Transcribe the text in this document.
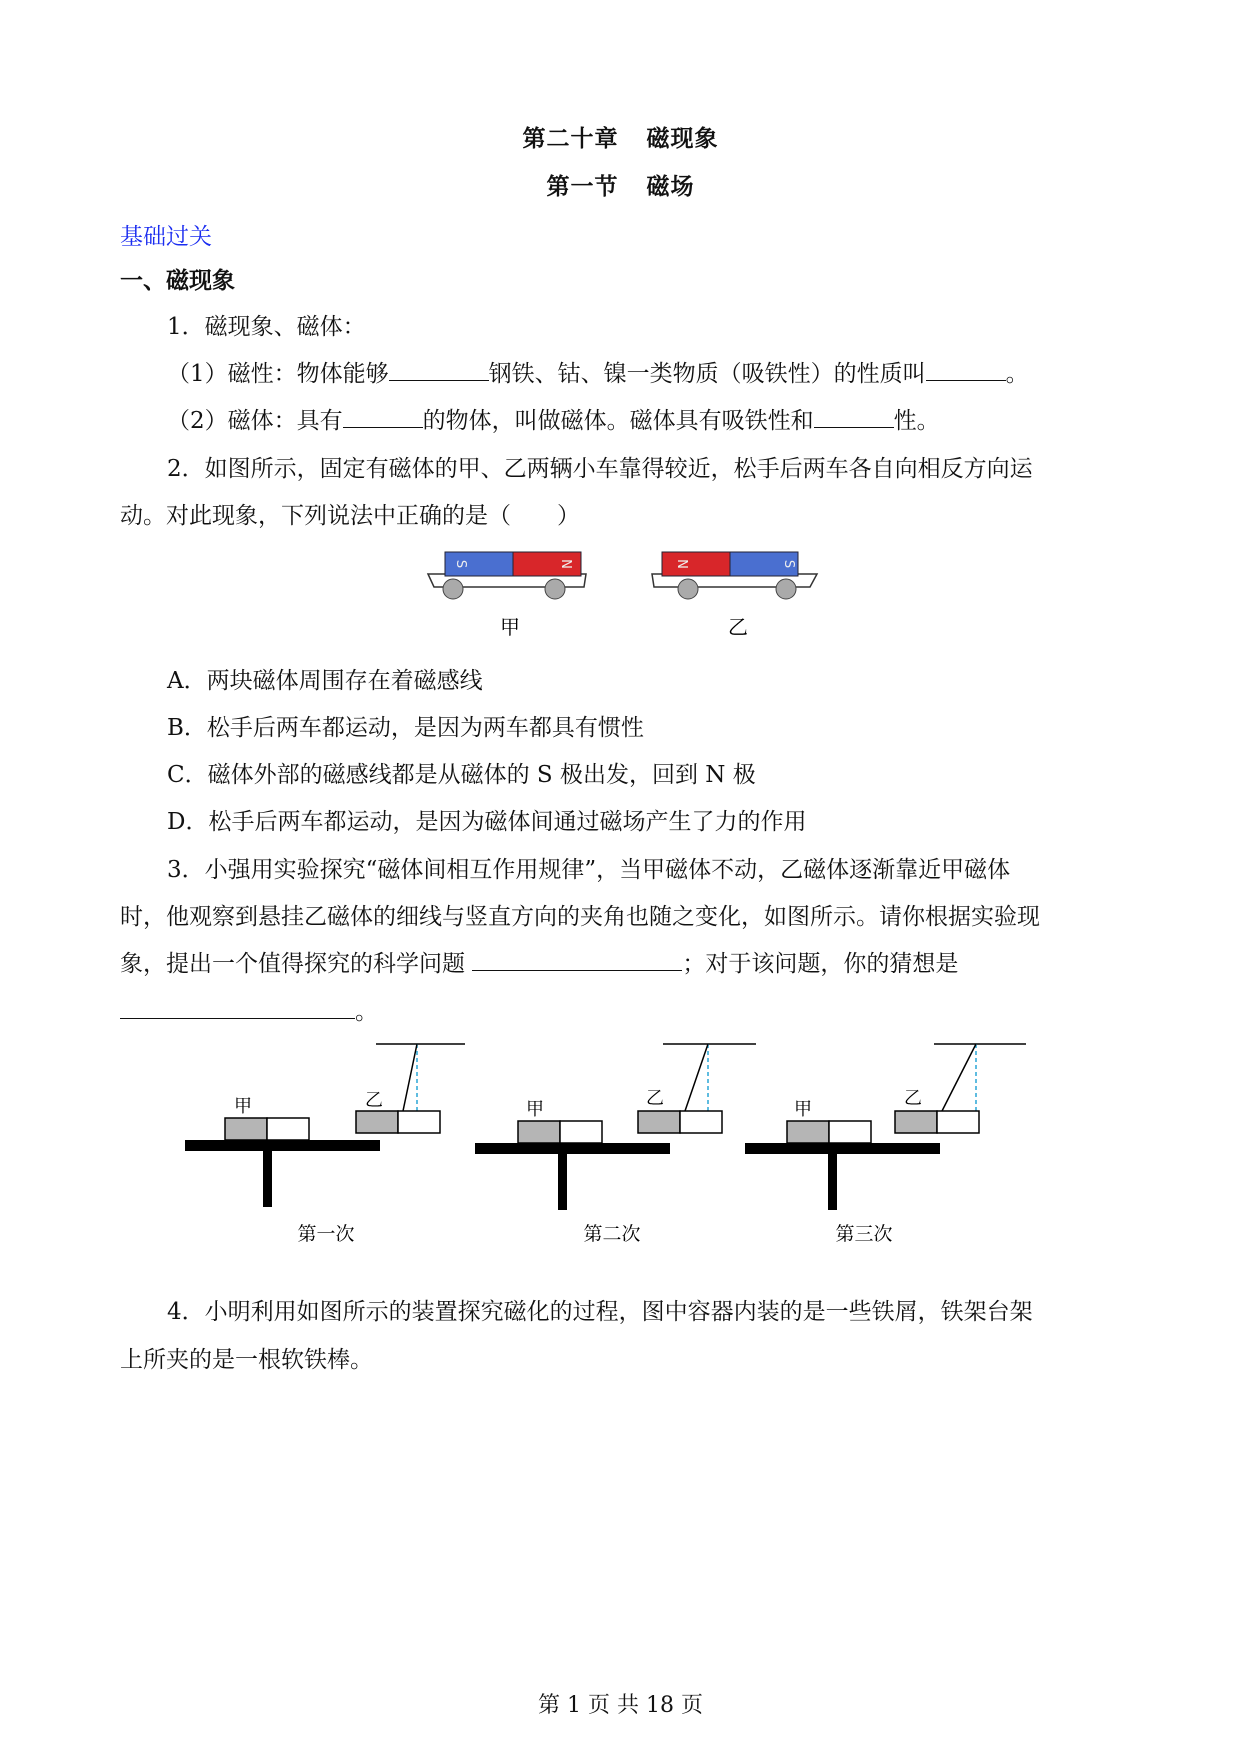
第二十章 磁现象
第一节 磁场
基础过关
一、磁现象
1．磁现象、磁体：
（1）磁性：物体能够	钢铁、钴、镍一类物质（吸铁性）的性质叫	。
（2）磁体：具有	的物体，叫做磁体。磁体具有吸铁性和	性。
2．如图所示，固定有磁体的甲、乙两辆小车靠得较近，松手后两车各自向相反方向运
动。对此现象，下列说法中正确的是（　　）
S	N
甲
N	S
乙
A．两块磁体周围存在着磁感线
B．松手后两车都运动，是因为两车都具有惯性
C．磁体外部的磁感线都是从磁体的 S 极出发，回到 N 极
D．松手后两车都运动，是因为磁体间通过磁场产生了力的作用
3．小强用实验探究“磁体间相互作用规律”，当甲磁体不动，乙磁体逐渐靠近甲磁体
时，他观察到悬挂乙磁体的细线与竖直方向的夹角也随之变化，如图所示。请你根据实验现
象，提出一个值得探究的科学问题	；对于该问题，你的猜想是
。
甲	乙
第一次
甲
乙
第二次
甲
乙
第三次
4．小明利用如图所示的装置探究磁化的过程，图中容器内装的是一些铁屑，铁架台架
上所夹的是一根软铁棒。
第 1 页 共 18 页
